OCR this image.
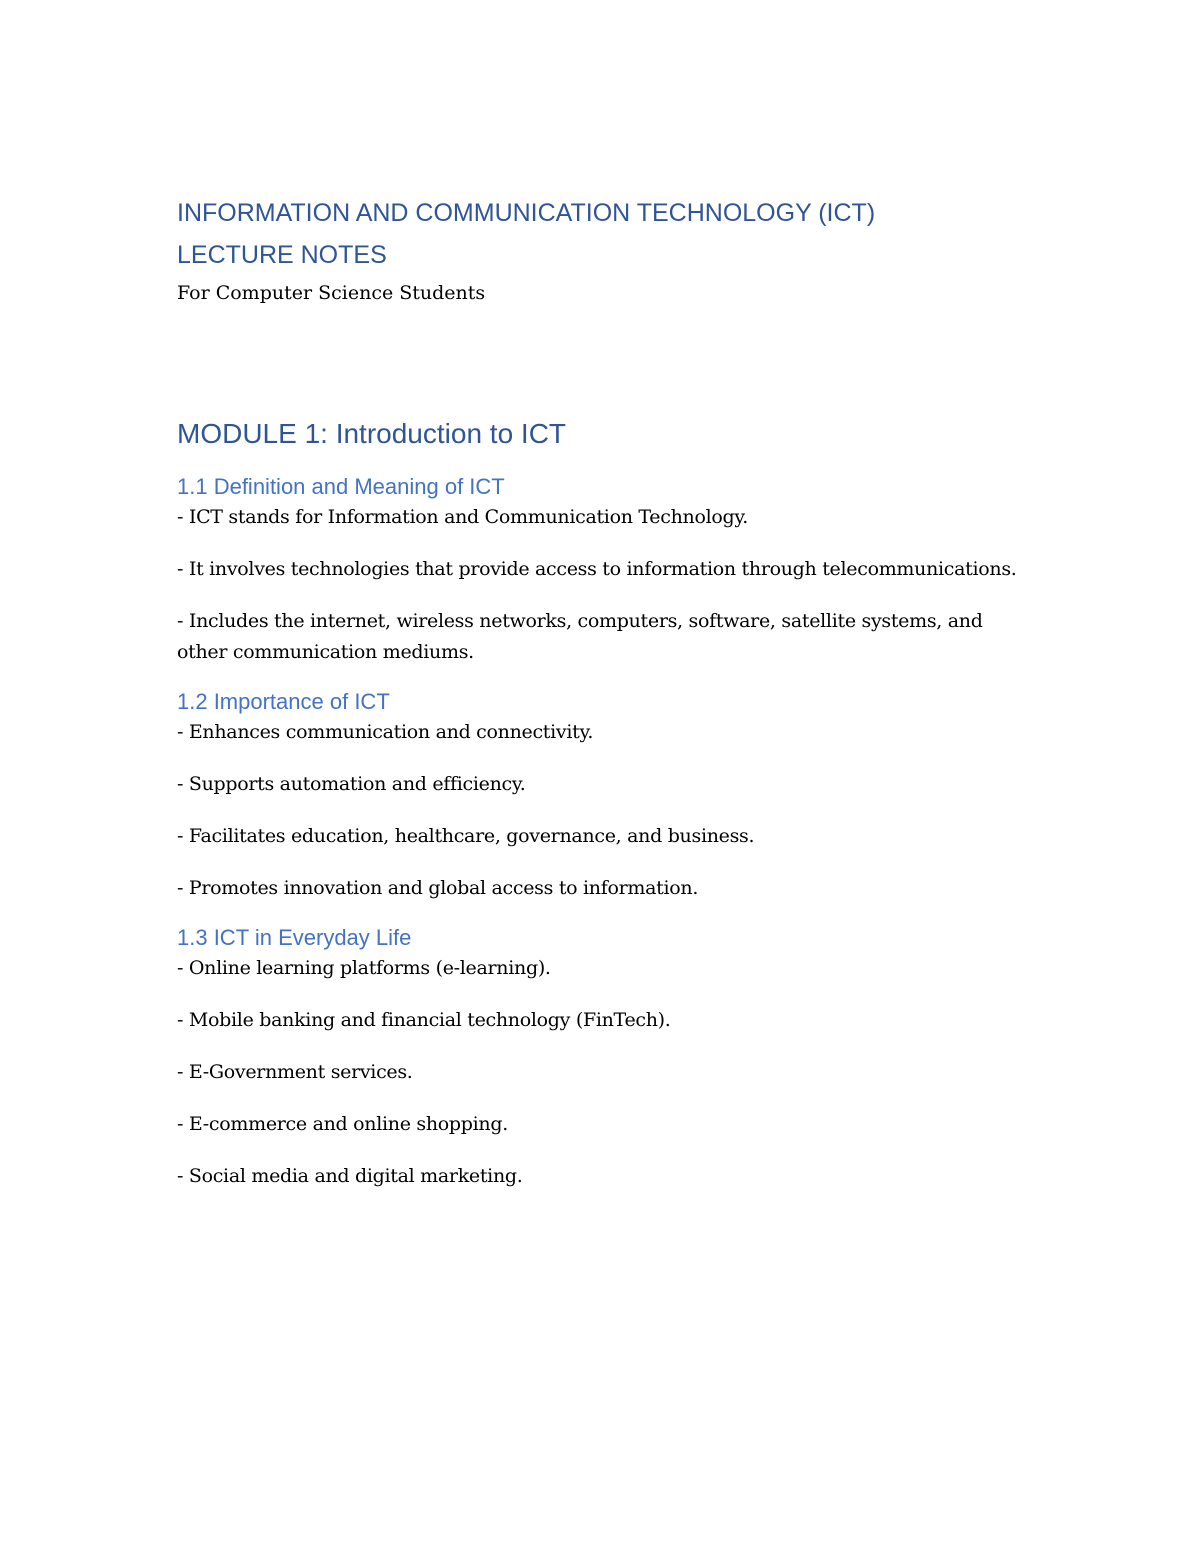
INFORMATION AND COMMUNICATION TECHNOLOGY (ICT)
LECTURE NOTES

For Computer Science Students

MODULE 1: Introduction to ICT
1.1 Definition and Meaning of ICT

- ICT stands for Information and Communication Technology.

- It involves technologies that provide access to information through telecommunications.

- Includes the internet, wireless networks, computers, software, satellite systems, and other communication mediums.

1.2 Importance of ICT

- Enhances communication and connectivity.

- Supports automation and efficiency.

- Facilitates education, healthcare, governance, and business.

- Promotes innovation and global access to information.

1.3 ICT in Everyday Life

- Online learning platforms (e-learning).

- Mobile banking and financial technology (FinTech).

- E-Government services.

- E-commerce and online shopping.

- Social media and digital marketing.
